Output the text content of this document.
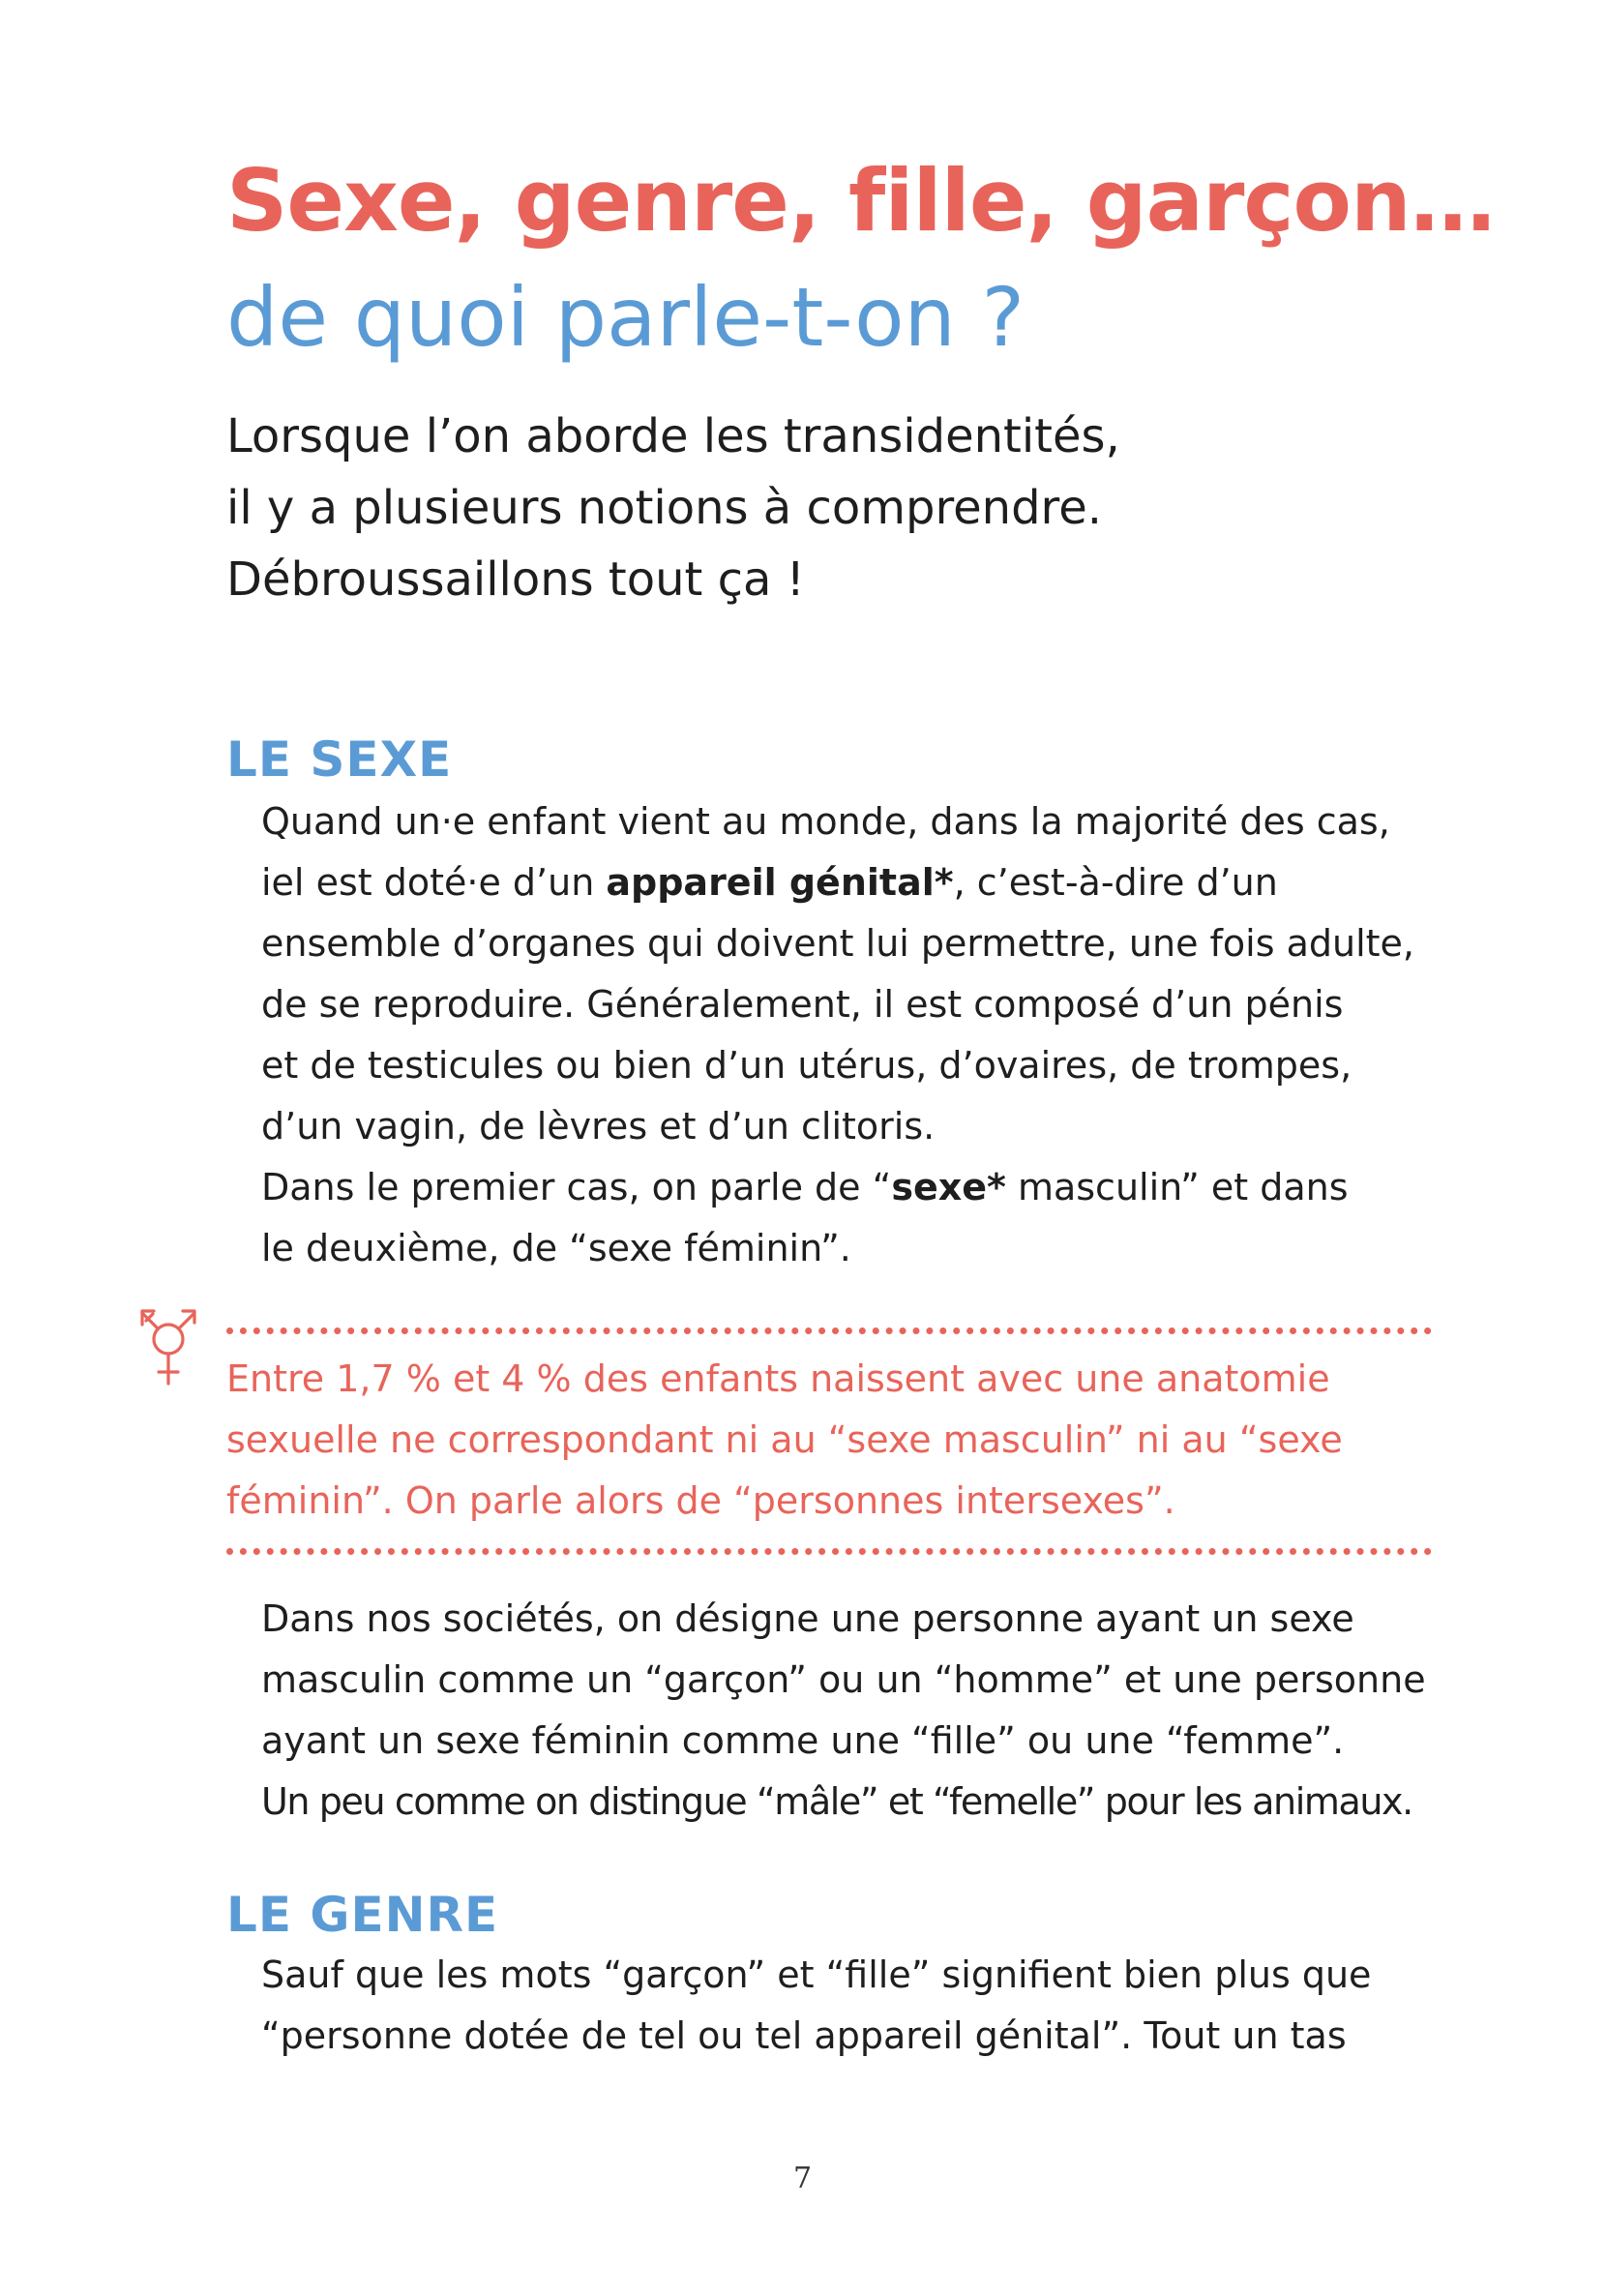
Sexe, genre, fille, garçon…
de quoi parle-t-on ?
Lorsque l’on aborde les transidentités,
il y a plusieurs notions à comprendre.
Débroussaillons tout ça !
LE SEXE
Quand un·e enfant vient au monde, dans la majorité des cas,
iel est doté·e d’un appareil génital*, c’est-à-dire d’un
ensemble d’organes qui doivent lui permettre, une fois adulte,
de se reproduire. Généralement, il est composé d’un pénis
et de testicules ou bien d’un utérus, d’ovaires, de trompes,
d’un vagin, de lèvres et d’un clitoris.
Dans le premier cas, on parle de “sexe* masculin” et dans
le deuxième, de “sexe féminin”.
Entre 1,7 % et 4 % des enfants naissent avec une anatomie
sexuelle ne correspondant ni au “sexe masculin” ni au “sexe
féminin”. On parle alors de “personnes intersexes”.
Dans nos sociétés, on désigne une personne ayant un sexe
masculin comme un “garçon” ou un “homme” et une personne
ayant un sexe féminin comme une “fille” ou une “femme”.
Un peu comme on distingue “mâle” et “femelle” pour les animaux.
LE GENRE
Sauf que les mots “garçon” et “fille” signifient bien plus que
“personne dotée de tel ou tel appareil génital”. Tout un tas
7
